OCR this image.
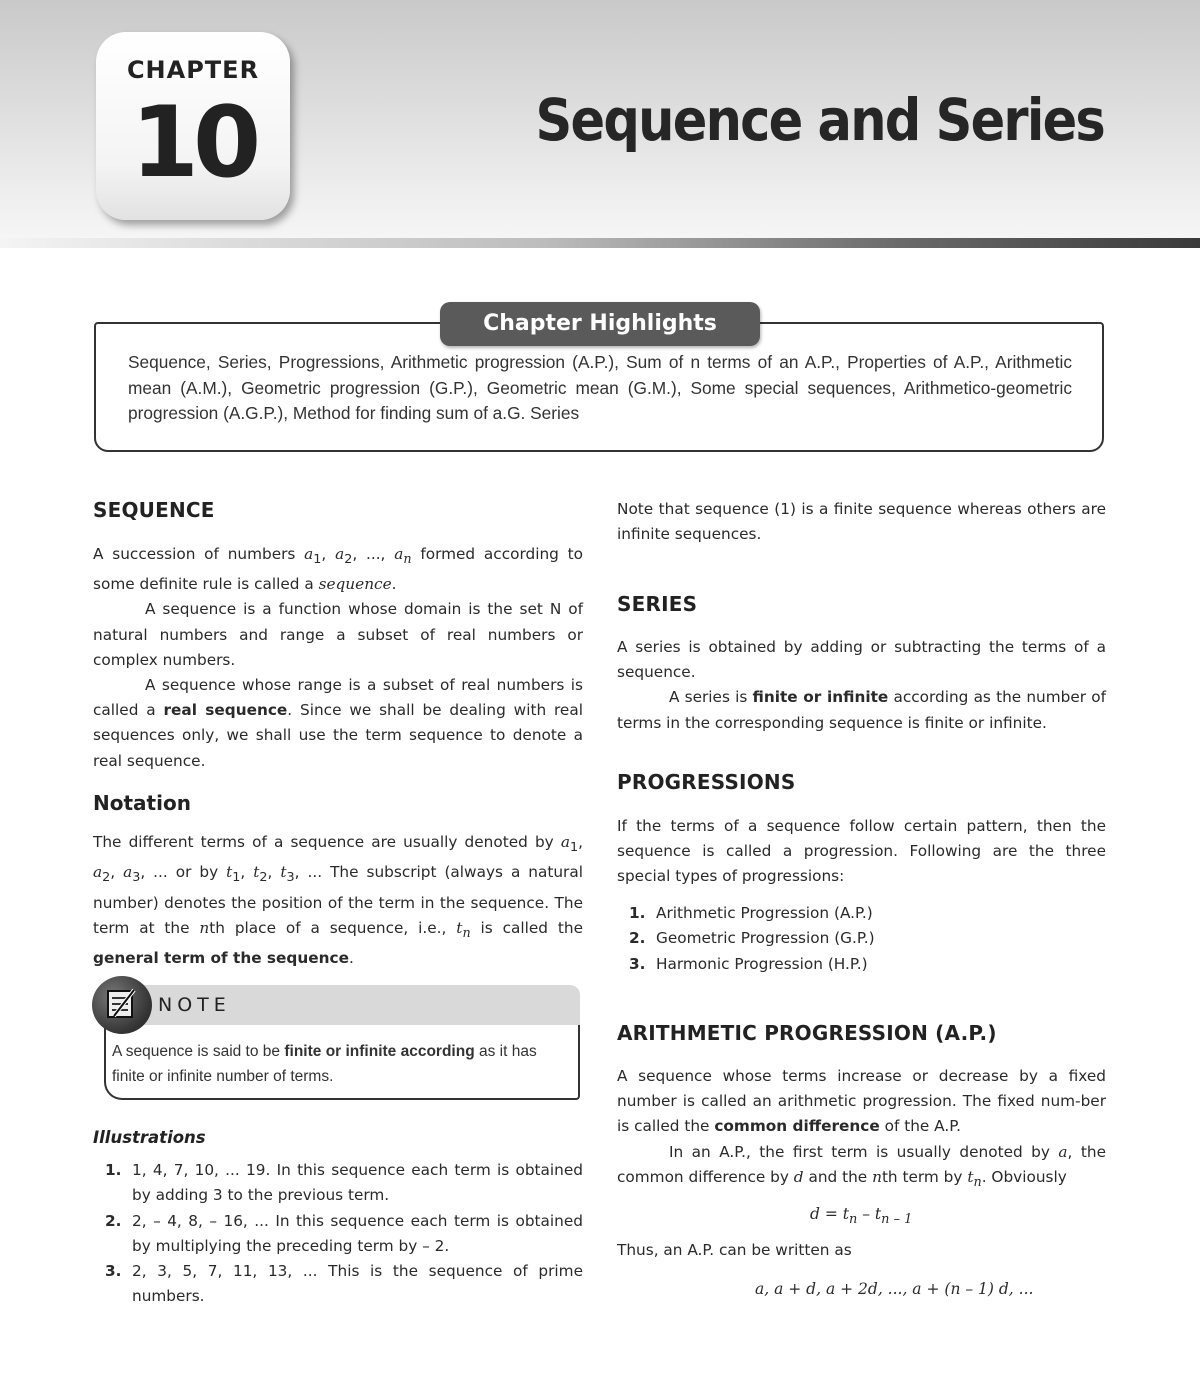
CHAPTER
10	Sequence and Series
Chapter Highlights
Sequence, Series, Progressions, Arithmetic progression (A.P.), Sum of n terms of an A.P., Properties of A.P., Arithmetic mean (A.M.), Geometric progression (G.P.), Geometric mean (G.M.), Some special sequences, Arithmetico-geometric progression (A.G.P.), Method for finding sum of a.G. Series
SEQUENCE

A succession of numbers $a_1$, $a_2$, ..., $a_n$ formed according to some definite rule is called a sequence.

A sequence is a function whose domain is the set N of natural numbers and range a subset of real numbers or complex numbers.

A sequence whose range is a subset of real numbers is called a real sequence. Since we shall be dealing with real sequences only, we shall use the term sequence to denote a real sequence.

Notation

The different terms of a sequence are usually denoted by $a_1$, $a_2$, $a_3$, ... or by $t_1$, $t_2$, $t_3$, ... The subscript (always a natural number) denotes the position of the term in the sequence. The term at the nth place of a sequence, i.e., $t_n$ is called the general term of the sequence.

NOTE
A sequence is said to be finite or infinite according as it has finite or infinite number of terms.
Illustrations
1. 1, 4, 7, 10, ... 19. In this sequence each term is obtained by adding 3 to the previous term.
2. 2, – 4, 8, – 16, ... In this sequence each term is obtained by multiplying the preceding term by – 2.
3. 2, 3, 5, 7, 11, 13, ... This is the sequence of prime numbers.

Note that sequence (1) is a finite sequence whereas others are infinite sequences.

SERIES

A series is obtained by adding or subtracting the terms of a sequence.

A series is finite or infinite according as the number of terms in the corresponding sequence is finite or infinite.

PROGRESSIONS

If the terms of a sequence follow certain pattern, then the sequence is called a progression. Following are the three special types of progressions:

1. Arithmetic Progression (A.P.)
2. Geometric Progression (G.P.)
3. Harmonic Progression (H.P.)
ARITHMETIC PROGRESSION (A.P.)

A sequence whose terms increase or decrease by a fixed number is called an arithmetic progression. The fixed num-ber is called the common difference of the A.P.

In an A.P., the first term is usually denoted by a, the common difference by d and the nth term by $t_n$. Obviously

$d = t_n - t_{n - 1}$

Thus, an A.P. can be written as

a, a + d, a + 2d, ..., a + (n – 1) d, ...
